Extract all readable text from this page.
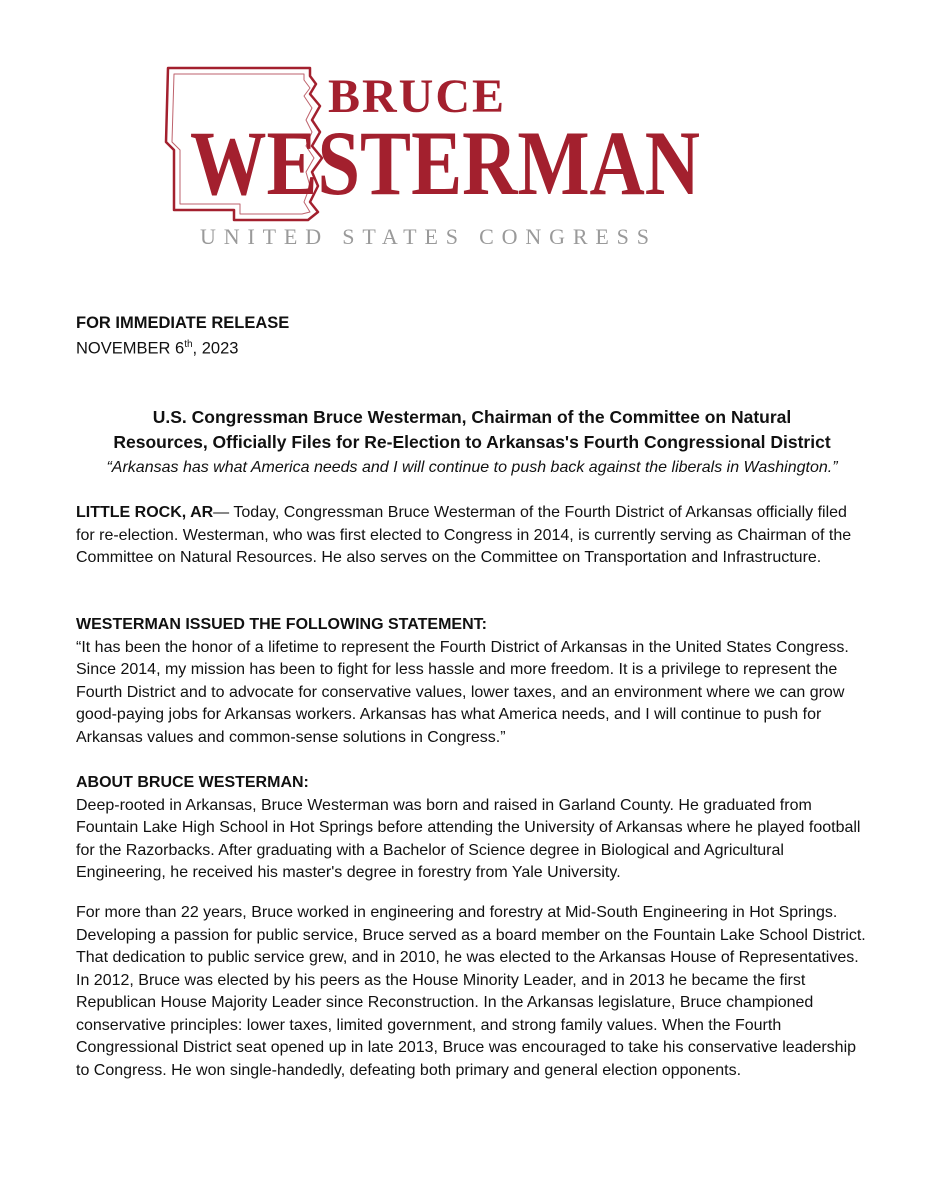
BRUCE
WESTERMAN
UNITED STATES CONGRESS
FOR IMMEDIATE RELEASE
NOVEMBER 6th, 2023
U.S. Congressman Bruce Westerman, Chairman of the Committee on Natural
Resources, Officially Files for Re-Election to Arkansas's Fourth Congressional District
“Arkansas has what America needs and I will continue to push back against the liberals in Washington.”
LITTLE ROCK, AR— Today, Congressman Bruce Westerman of the Fourth District of Arkansas officially filed for re-election. Westerman, who was first elected to Congress in 2014, is currently serving as Chairman of the Committee on Natural Resources. He also serves on the Committee on Transportation and Infrastructure.
WESTERMAN ISSUED THE FOLLOWING STATEMENT:
“It has been the honor of a lifetime to represent the Fourth District of Arkansas in the United States Congress. Since 2014, my mission has been to fight for less hassle and more freedom. It is a privilege to represent the Fourth District and to advocate for conservative values, lower taxes, and an environment where we can grow good-paying jobs for Arkansas workers. Arkansas has what America needs, and I will continue to push for Arkansas values and common-sense solutions in Congress.”
ABOUT BRUCE WESTERMAN:
Deep-rooted in Arkansas, Bruce Westerman was born and raised in Garland County. He graduated from Fountain Lake High School in Hot Springs before attending the University of Arkansas where he played football for the Razorbacks. After graduating with a Bachelor of Science degree in Biological and Agricultural Engineering, he received his master's degree in forestry from Yale University.
For more than 22 years, Bruce worked in engineering and forestry at Mid-South Engineering in Hot Springs. Developing a passion for public service, Bruce served as a board member on the Fountain Lake School District. That dedication to public service grew, and in 2010, he was elected to the Arkansas House of Representatives. In 2012, Bruce was elected by his peers as the House Minority Leader, and in 2013 he became the first Republican House Majority Leader since Reconstruction. In the Arkansas legislature, Bruce championed conservative principles: lower taxes, limited government, and strong family values. When the Fourth Congressional District seat opened up in late 2013, Bruce was encouraged to take his conservative leadership to Congress. He won single-handedly, defeating both primary and general election opponents.
